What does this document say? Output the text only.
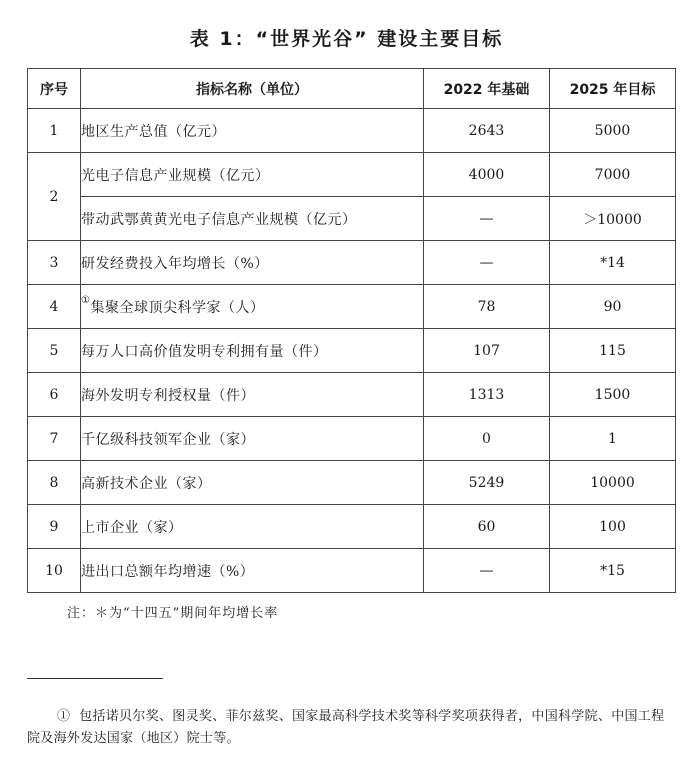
表 1：“世界光谷” 建设主要目标
序号	指标名称（单位）	2022 年基础	2025 年目标
1	地区生产总值（亿元）	2643	5000
2	光电子信息产业规模（亿元）	4000	7000
	带动武鄂黄黄光电子信息产业规模（亿元）	—	＞10000
3	研发经费投入年均增长（%）	—	*14
4	①集聚全球顶尖科学家（人）	78	90
5	每万人口高价值发明专利拥有量（件）	107	115
6	海外发明专利授权量（件）	1313	1500
7	千亿级科技领军企业（家）	0	1
8	高新技术企业（家）	5249	10000
9	上市企业（家）	60	100
10	进出口总额年均增速（%）	—	*15
注：＊为“十四五”期间年均增长率
① 包括诺贝尔奖、图灵奖、菲尔兹奖、国家最高科学技术奖等科学奖项获得者，中国科学院、中国工程院及海外发达国家（地区）院士等。
